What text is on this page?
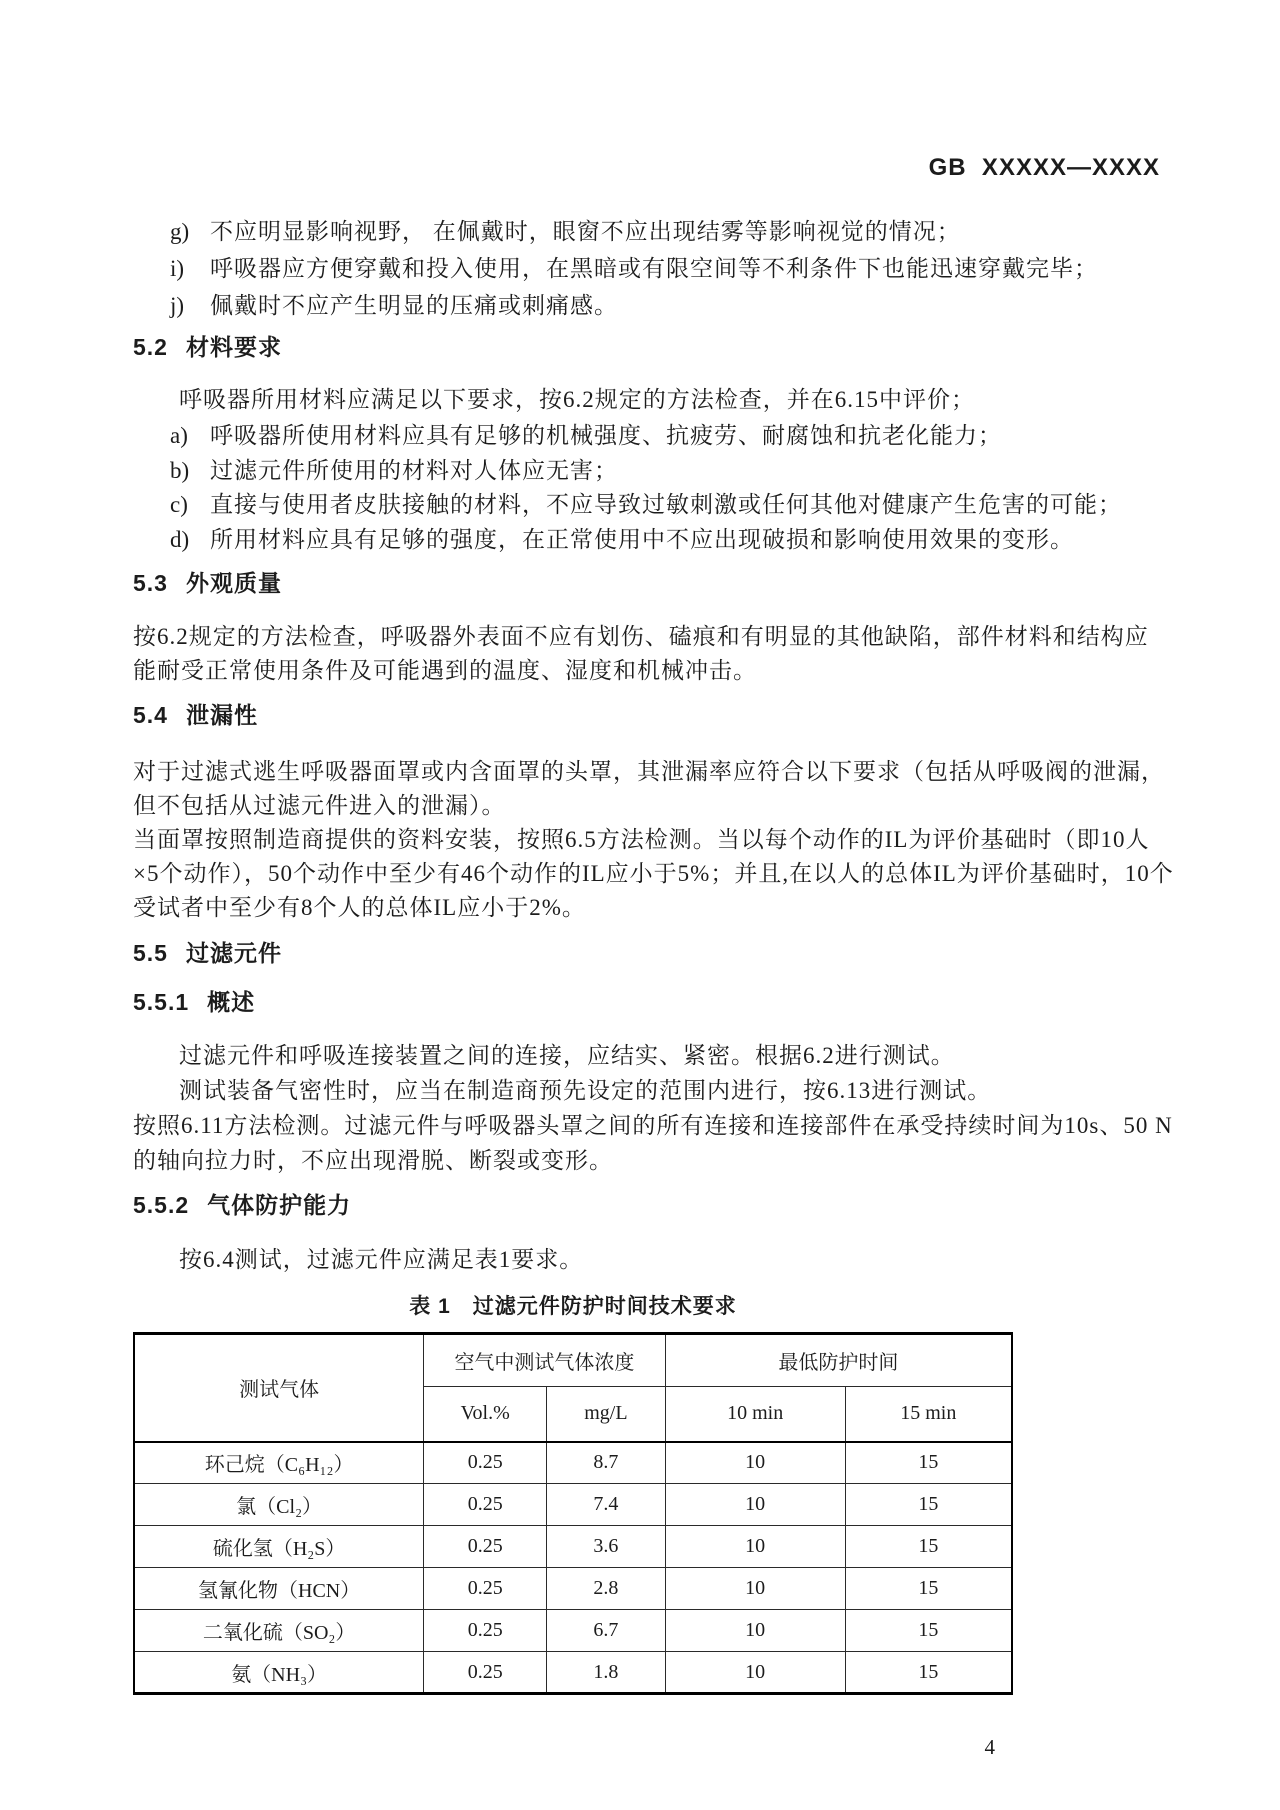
GB  XXXXX—XXXX
g) 不应明显影响视野， 在佩戴时，眼窗不应出现结雾等影响视觉的情况；
i)	呼吸器应方便穿戴和投入使用，在黑暗或有限空间等不利条件下也能迅速穿戴完毕；
j)	佩戴时不应产生明显的压痛或刺痛感。
5.2 材料要求
呼吸器所用材料应满足以下要求，按6.2规定的方法检查，并在6.15中评价；
a) 呼吸器所使用材料应具有足够的机械强度、抗疲劳、耐腐蚀和抗老化能力；
b) 过滤元件所使用的材料对人体应无害；
c) 直接与使用者皮肤接触的材料，不应导致过敏刺激或任何其他对健康产生危害的可能；
d) 所用材料应具有足够的强度，在正常使用中不应出现破损和影响使用效果的变形。
5.3 外观质量
按6.2规定的方法检查，呼吸器外表面不应有划伤、磕痕和有明显的其他缺陷，部件材料和结构应
能耐受正常使用条件及可能遇到的温度、湿度和机械冲击。
5.4 泄漏性
对于过滤式逃生呼吸器面罩或内含面罩的头罩，其泄漏率应符合以下要求（包括从呼吸阀的泄漏，
但不包括从过滤元件进入的泄漏）。
当面罩按照制造商提供的资料安装，按照6.5方法检测。当以每个动作的IL为评价基础时（即10人
×5个动作），50个动作中至少有46个动作的IL应小于5%；并且,在以人的总体IL为评价基础时，10个
受试者中至少有8个人的总体IL应小于2%。
5.5 过滤元件
5.5.1 概述
过滤元件和呼吸连接装置之间的连接，应结实、紧密。根据6.2进行测试。
测试装备气密性时，应当在制造商预先设定的范围内进行，按6.13进行测试。
按照6.11方法检测。过滤元件与呼吸器头罩之间的所有连接和连接部件在承受持续时间为10s、50 N
的轴向拉力时，不应出现滑脱、断裂或变形。
5.5.2 气体防护能力
按6.4测试，过滤元件应满足表1要求。
表 1 过滤元件防护时间技术要求
测试气体	空气中测试气体浓度		最低防护时间	
	Vol.%	mg/L	10 min	15 min
环己烷（C₆H₁₂）	0.25	8.7	10	15
氯（Cl₂）	0.25	7.4	10	15
硫化氢（H₂S）	0.25	3.6	10	15
氢氰化物（HCN）	0.25	2.8	10	15
二氧化硫（SO₂）	0.25	6.7	10	15
氨（NH₃）	0.25	1.8	10	15
4
